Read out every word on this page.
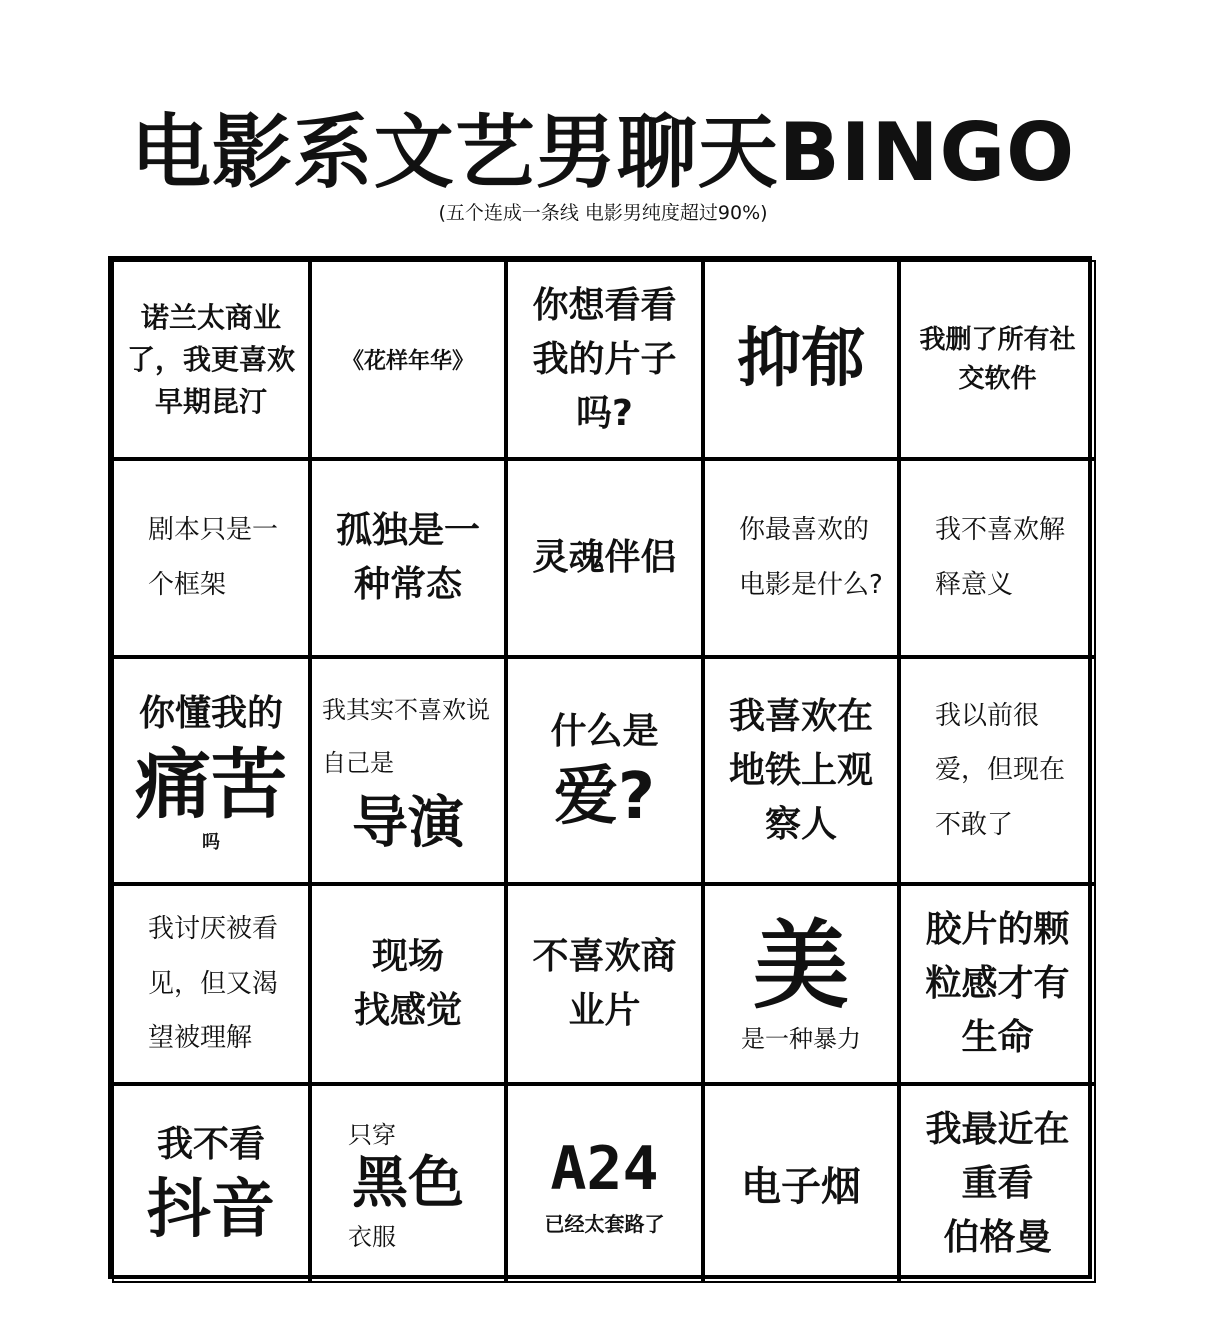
电影系文艺男聊天BINGO
(五个连成一条线 电影男纯度超过90%)
诺兰太商业了，我更喜欢早期昆汀
《花样年华》
你想看看我的片子吗?
抑郁	我删了所有社交软件
剧本只是一个框架
孤独是一种常态
灵魂伴侣
你最喜欢的电影是什么?
我不喜欢解释意义
你懂我的
痛苦
吗
我其实不喜欢说自己是
导演
什么是
爱?
我喜欢在地铁上观察人
我以前很爱，但现在不敢了
我讨厌被看见，但又渴望被理解
现场
找感觉
不喜欢商业片	美
是一种暴力
胶片的颗粒感才有生命
我不看
抖音
只穿
黑色
衣服
A24
已经太套路了
电子烟
我最近在
重看
伯格曼
